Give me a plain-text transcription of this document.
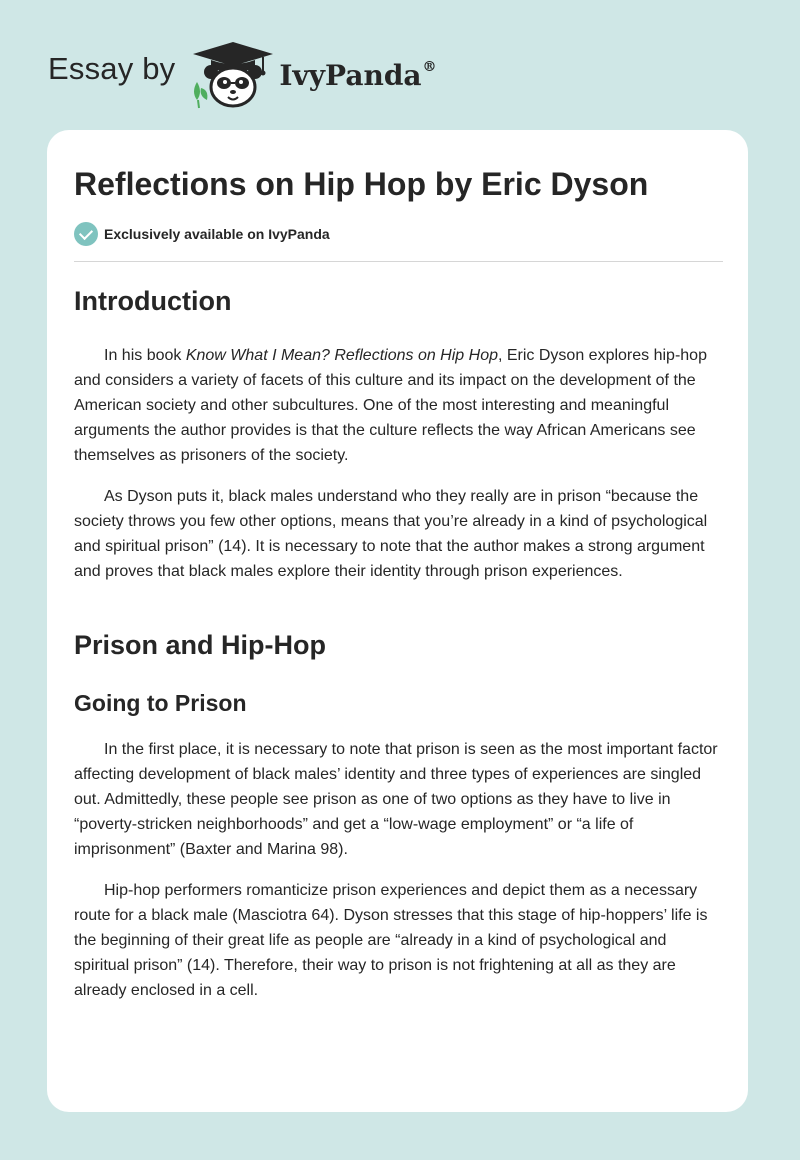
Essay by	IvyPanda®
Reflections on Hip Hop by Eric Dyson
Exclusively available on IvyPanda
Introduction

In his book Know What I Mean? Reflections on Hip Hop, Eric Dyson explores hip-hop and considers a variety of facets of this culture and its impact on the development of the American society and other subcultures. One of the most interesting and meaningful arguments the author provides is that the culture reflects the way African Americans see themselves as prisoners of the society.

As Dyson puts it, black males understand who they really are in prison “because the society throws you few other options, means that you’re already in a kind of psychological and spiritual prison” (14). It is necessary to note that the author makes a strong argument and proves that black males explore their identity through prison experiences.

Prison and Hip-Hop
Going to Prison

In the first place, it is necessary to note that prison is seen as the most important factor affecting development of black males’ identity and three types of experiences are singled out. Admittedly, these people see prison as one of two options as they have to live in “poverty-stricken neighborhoods” and get a “low-wage employment” or “a life of imprisonment” (Baxter and Marina 98).

Hip-hop performers romanticize prison experiences and depict them as a necessary route for a black male (Masciotra 64). Dyson stresses that this stage of hip-hoppers’ life is the beginning of their great life as people are “already in a kind of psychological and spiritual prison” (14). Therefore, their way to prison is not frightening at all as they are already enclosed in a cell.
